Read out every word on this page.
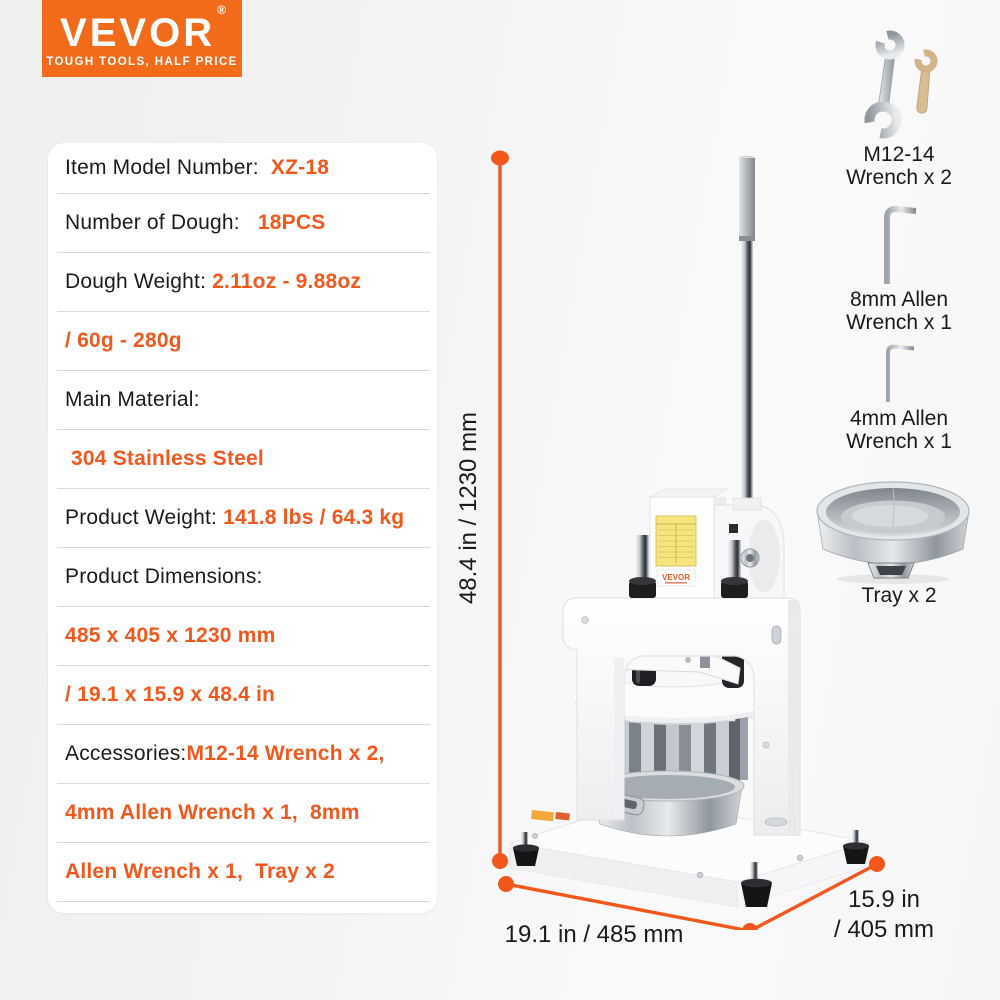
VEVOR®
TOUGH TOOLS, HALF PRICE
Item Model Number: XZ-18
Number of Dough: 18PCS
Dough Weight: 2.11oz - 9.88oz
/ 60g - 280g
Main Material:
304 Stainless Steel
Product Weight: 141.8 lbs / 64.3 kg
Product Dimensions:
485 x 405 x 1230 mm
/ 19.1 x 15.9 x 48.4 in
Accessories: M12-14 Wrench x 2,
4mm Allen Wrench x 1,  8mm
Allen Wrench x 1,  Tray x 2
VEVOR
48.4 in / 1230 mm
19.1 in / 485 mm
15.9 in
/ 405 mm
M12-14
Wrench x 2
8mm Allen
Wrench x 1
4mm Allen
Wrench x 1
Tray x 2
